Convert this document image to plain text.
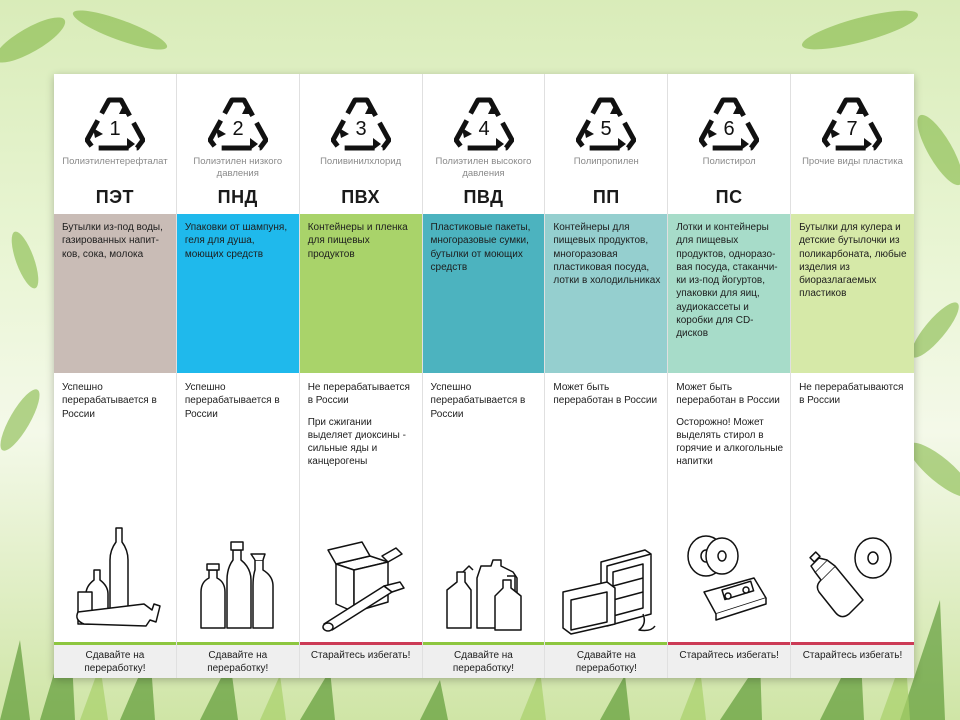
1
Полиэтилентерефталат
ПЭТ
Бутылки из-под воды, газированных напит-ков, сока, молока

Успешно перерабатывается в России

Сдавайте на переработку!
2
Полиэтилен низкого давления
ПНД
Упаковки от шампуня, геля для душа, моющих средств

Успешно перерабатывается в России

Сдавайте на переработку!
3
Поливинилхлорид
ПВХ
Контейнеры и пленка для пищевых продуктов

Не перерабатывается в России

При сжигании выделяет диоксины - сильные яды и канцерогены

Старайтесь избегать!
4
Полиэтилен высокого давления
ПВД
Пластиковые пакеты, многоразовые сумки, бутылки от моющих средств

Успешно перерабатывается в России

Сдавайте на переработку!
5
Полипропилен
ПП
Контейнеры для пищевых продуктов, многоразовая пластиковая посуда, лотки в холодильниках

Может быть переработан в России

Сдавайте на переработку!
6
Полистирол
ПС
Лотки и контейнеры для пищевых продуктов, одноразо-вая посуда, стаканчи-ки из-под йогуртов, упаковки для яиц, аудиокассеты и коробки для CD-дисков

Может быть переработан в России

Осторожно! Может выделять стирол в горячие и алкогольные напитки

Старайтесь избегать!
7
Прочие виды пластика
Бутылки для кулера и детские бутылочки из поликарбоната, любые изделия из биоразлагаемых пластиков

Не перерабатываются в России

Старайтесь избегать!
